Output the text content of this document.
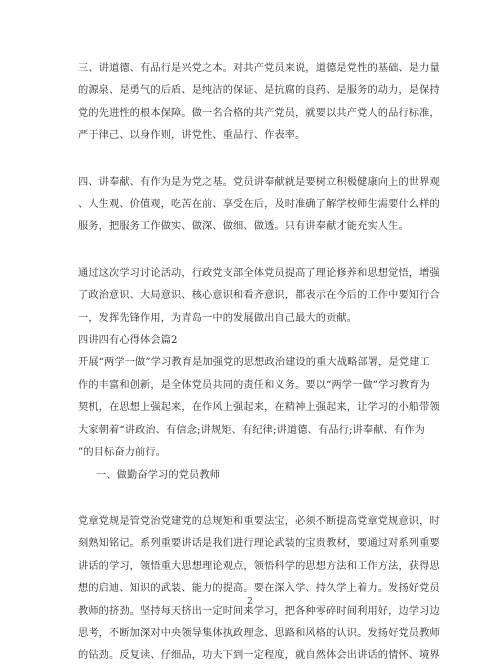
三、讲道德、有品行是兴党之本。对共产党员来说，道德是党性的基础、是力量
的源泉、是勇气的后盾、是纯洁的保证、是抗腐的良药、是服务的动力，是保持
党的先进性的根本保障。做一名合格的共产党员，就要以共产党人的品行标准，
严于律己、以身作则，讲党性、重品行、作表率。

四、讲奉献、有作为是为党之基。党员讲奉献就是要树立积极健康向上的世界观
、人生观、价值观，吃苦在前、享受在后，及时准确了解学校师生需要什么样的
服务，把服务工作做实、做深、做细、做透。只有讲奉献才能充实人生。

通过这次学习讨论活动，行政党支部全体党员提高了理论修养和思想觉悟，增强
了政治意识、大局意识、核心意识和看齐意识，都表示在今后的工作中要知行合
一，发挥先锋作用，为青岛一中的发展做出自己最大的贡献。
四讲四有心得体会篇2
开展“两学一做”学习教育是加强党的思想政治建设的重大战略部署，是党建工
作的丰富和创新，是全体党员共同的责任和义务。要以“两学一做”学习教育为
契机，在思想上强起来，在作风上强起来，在精神上强起来，让学习的小船带领
大家朝着“讲政治、有信念;讲规矩、有纪律;讲道德、有品行;讲奉献、有作为
”的目标奋力前行。

一、做勤奋学习的党员教师

党章党规是管党治党建党的总规矩和重要法宝，必须不断提高党章党规意识，时
刻熟知铭记。系列重要讲话是我们进行理论武装的宝贵教材，要通过对系列重要
讲话的学习，领悟重大思想理论观点，领悟科学的思想方法和工作方法，获得思
想的启迪、知识的武装、能力的提高。要在深入学、持久学上着力。发扬好党员
教师的挤劲。坚持每天挤出一定时间来学习，把各种零碎时间利用好，边学习边
思考，不断加深对中央领导集体执政理念、思路和风格的认识。发扬好党员教师
的钻劲。反复读、仔细品，功夫下到一定程度，就自然体会出讲话的情怀、境界

2
